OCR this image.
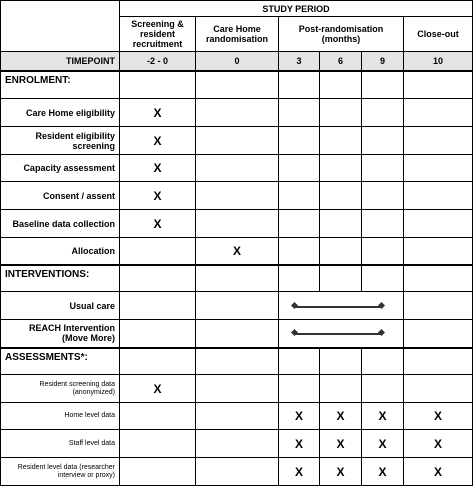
	STUDY PERIOD					
	Screening & resident recruitment	Care Home randomisation	Post-randomisation (months)			Close-out
TIMEPOINT	-2 - 0	0	3	6	9	10
ENROLMENT:						
Care Home eligibility	X					
Resident eligibility screening	X					
Capacity assessment	X					
Consent / assent	X					
Baseline data collection	X					
Allocation		X				
INTERVENTIONS:						
Usual care					

REACH Intervention (Move More)					

ASSESSMENTS*:						
Resident screening data (anonymized)	X					
Home level data			X	X	X	X
Staff level data			X	X	X	X
Resident level data (researcher interview or proxy)			X	X	X	X
